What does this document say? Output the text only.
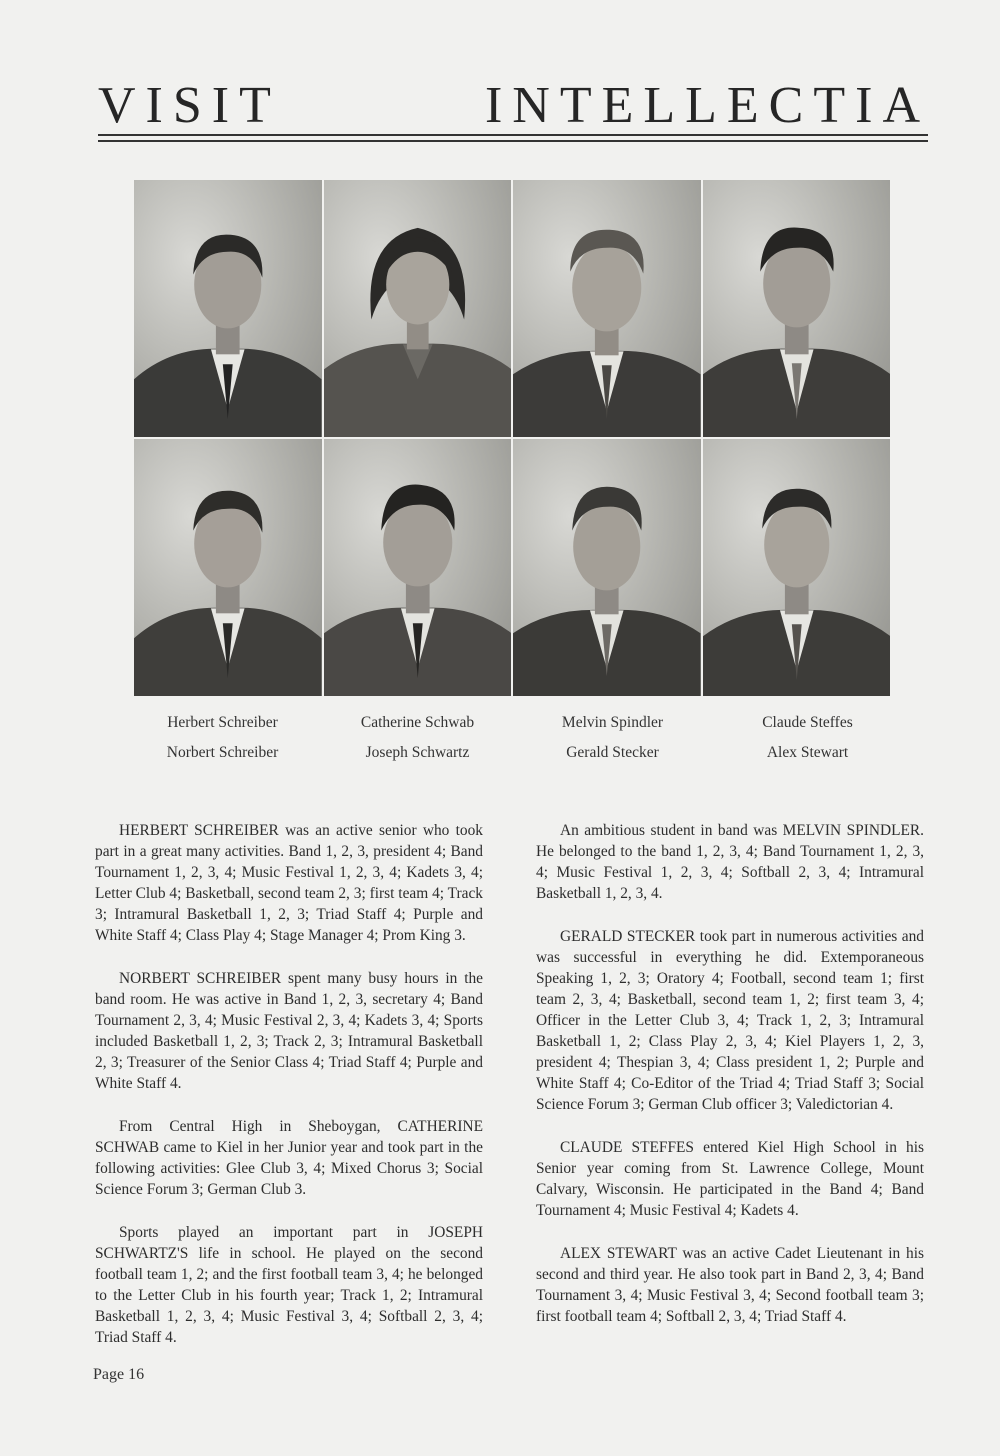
VISIT INTELLECTIA
Herbert Schreiber	Catherine Schwab	Melvin Spindler	Claude Steffes
Norbert Schreiber	Joseph Schwartz	Gerald Stecker	Alex Stewart

HERBERT SCHREIBER was an active senior who took part in a great many activities. Band 1, 2, 3, president 4; Band Tournament 1, 2, 3, 4; Music Festival 1, 2, 3, 4; Kadets 3, 4; Letter Club 4; Basketball, second team 2, 3; first team 4; Track 3; Intramural Basketball 1, 2, 3; Triad Staff 4; Purple and White Staff 4; Class Play 4; Stage Manager 4; Prom King 3.

NORBERT SCHREIBER spent many busy hours in the band room. He was active in Band 1, 2, 3, secretary 4; Band Tournament 2, 3, 4; Music Festival 2, 3, 4; Kadets 3, 4; Sports included Basketball 1, 2, 3; Track 2, 3; Intramural Basketball 2, 3; Treasurer of the Senior Class 4; Triad Staff 4; Purple and White Staff 4.

From Central High in Sheboygan, CATHERINE SCHWAB came to Kiel in her Junior year and took part in the following activities: Glee Club 3, 4; Mixed Chorus 3; Social Science Forum 3; German Club 3.

Sports played an important part in JOSEPH SCHWARTZ'S life in school. He played on the second football team 1, 2; and the first football team 3, 4; he belonged to the Letter Club in his fourth year; Track 1, 2; Intramural Basketball 1, 2, 3, 4; Music Festival 3, 4; Softball 2, 3, 4; Triad Staff 4.

An ambitious student in band was MELVIN SPINDLER. He belonged to the band 1, 2, 3, 4; Band Tournament 1, 2, 3, 4; Music Festival 1, 2, 3, 4; Softball 2, 3, 4; Intramural Basketball 1, 2, 3, 4.

GERALD STECKER took part in numerous activities and was successful in everything he did. Extemporaneous Speaking 1, 2, 3; Oratory 4; Football, second team 1; first team 2, 3, 4; Basketball, second team 1, 2; first team 3, 4; Officer in the Letter Club 3, 4; Track 1, 2, 3; Intramural Basketball 1, 2; Class Play 2, 3, 4; Kiel Players 1, 2, 3, president 4; Thespian 3, 4; Class president 1, 2; Purple and White Staff 4; Co-Editor of the Triad 4; Triad Staff 3; Social Science Forum 3; German Club officer 3; Valedictorian 4.

CLAUDE STEFFES entered Kiel High School in his Senior year coming from St. Lawrence College, Mount Calvary, Wisconsin. He participated in the Band 4; Band Tournament 4; Music Festival 4; Kadets 4.

ALEX STEWART was an active Cadet Lieutenant in his second and third year. He also took part in Band 2, 3, 4; Band Tournament 3, 4; Music Festival 3, 4; Second football team 3; first football team 4; Softball 2, 3, 4; Triad Staff 4.

Page 16
